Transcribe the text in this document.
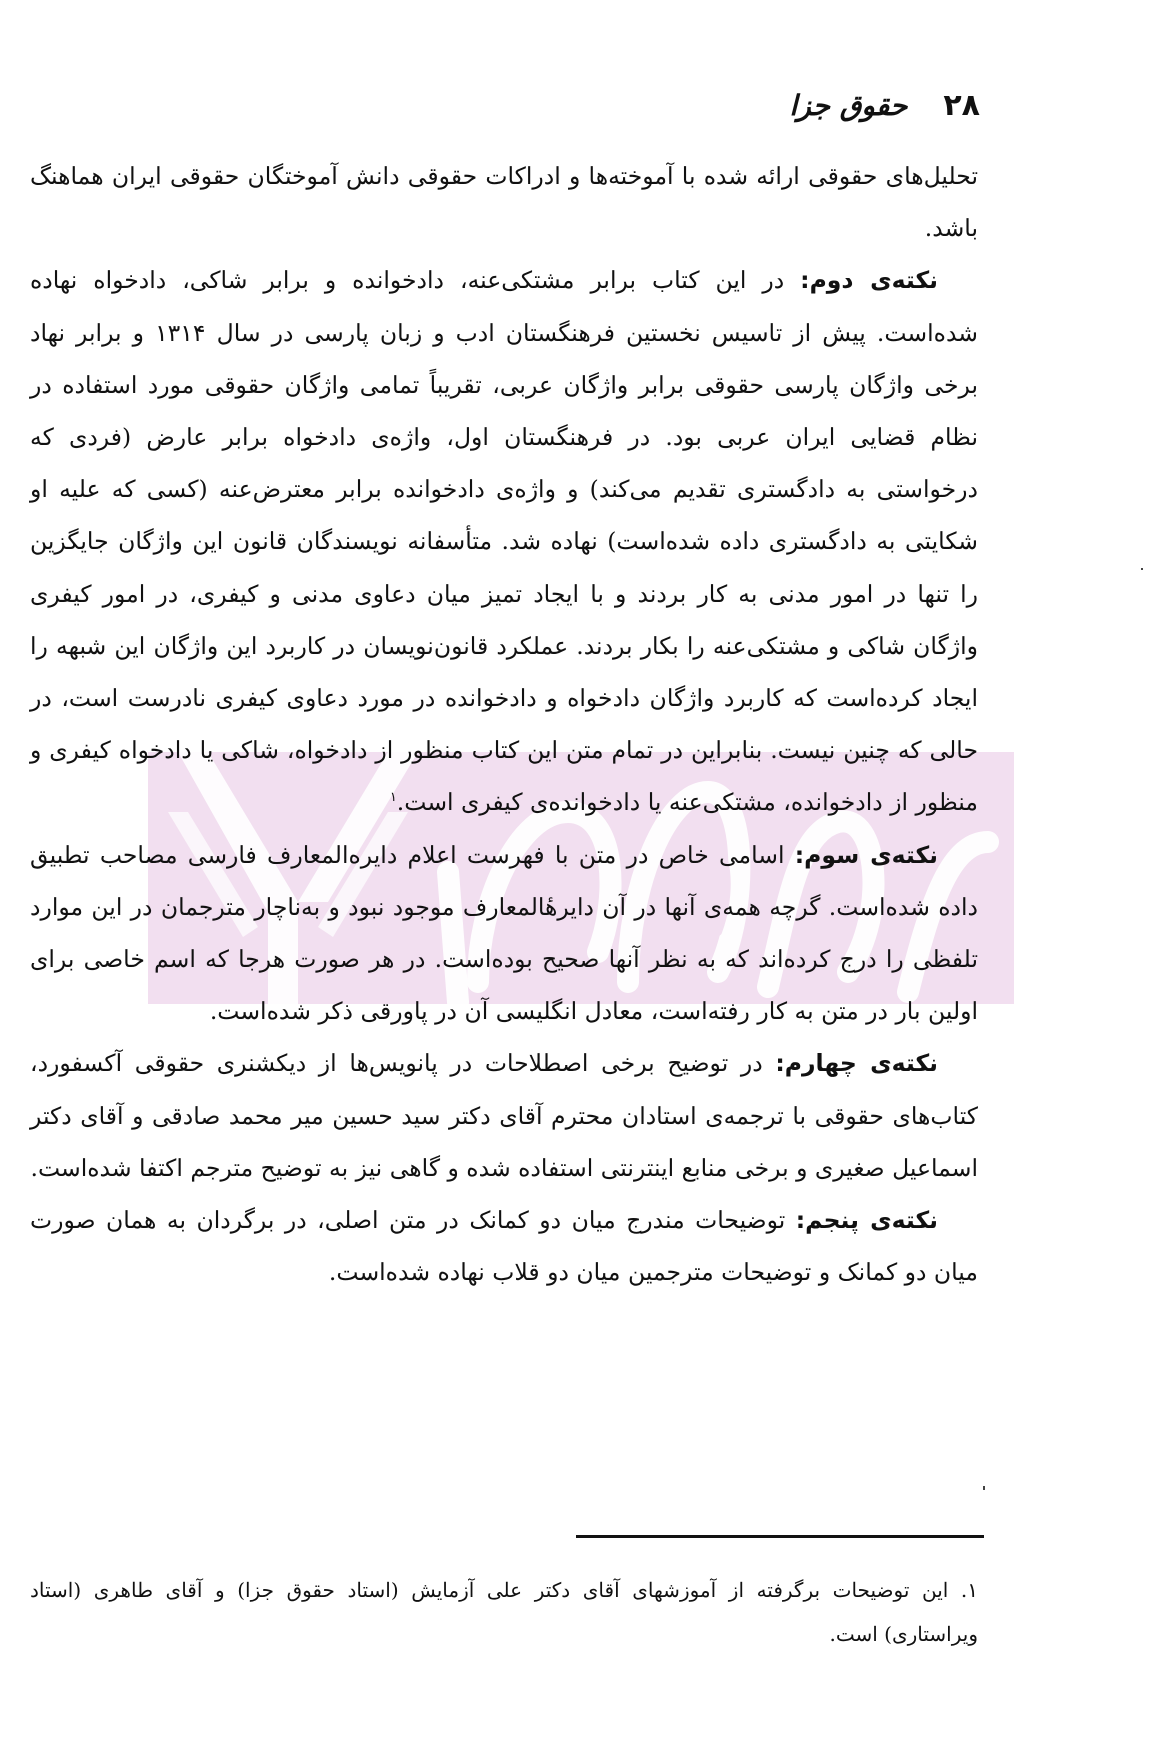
۲۸
حقوق جزا

تحلیل‌های حقوقی ارائه شده با آموخته‌ها و ادراکات حقوقی دانش آموختگان حقوقی ایران هماهنگ باشد.

نکته‌ی دوم: در این کتاب برابر مشتکی‌عنه، دادخوانده و برابر شاکی، دادخواه نهاده شده‌است. پیش از تاسیس نخستین فرهنگستان ادب و زبان پارسی در سال ۱۳۱۴ و برابر نهاد برخی واژگان پارسی حقوقی برابر واژگان عربی، تقریباً تمامی واژگان حقوقی مورد استفاده در نظام قضایی ایران عربی بود. در فرهنگستان اول، واژه‌ی دادخواه برابر عارض (فردی که درخواستی به دادگستری تقدیم می‌کند) و واژه‌ی دادخوانده برابر معترض‌عنه (کسی که علیه او شکایتی به دادگستری داده شده‌است) نهاده شد. متأسفانه نویسندگان قانون این واژگان جایگزین را تنها در امور مدنی به کار بردند و با ایجاد تمیز میان دعاوی مدنی و کیفری، در امور کیفری واژگان شاکی و مشتکی‌عنه را بکار بردند. عملکرد قانون‌نویسان در کاربرد این واژگان این شبهه را ایجاد کرده‌است که کاربرد واژگان دادخواه و دادخوانده در مورد دعاوی کیفری نادرست است، در حالی که چنین نیست. بنابراین در تمام متن این کتاب منظور از دادخواه، شاکی یا دادخواه کیفری و منظور از دادخوانده، مشتکی‌عنه یا دادخوانده‌ی کیفری است.$^۱$

نکته‌ی سوم: اسامی خاص در متن با فهرست اعلام دایره‌المعارف فارسی مصاحب تطبیق داده شده‌است. گرچه همه‌ی آنها در آن دایرهٔالمعارف موجود نبود و به‌ناچار مترجمان در این موارد تلفظی را درج کرده‌اند که به نظر آنها صحیح بوده‌است. در هر صورت هرجا که اسم خاصی برای اولین بار در متن به کار رفته‌است، معادل انگلیسی آن در پاورقی ذکر شده‌است.

نکته‌ی چهارم: در توضیح برخی اصطلاحات در پانویس‌ها از دیکشنری حقوقی آکسفورد، کتاب‌های حقوقی با ترجمه‌ی استادان محترم آقای دکتر سید حسین میر محمد صادقی و آقای دکتر اسماعیل صغیری و برخی منابع اینترنتی استفاده شده و گاهی نیز به توضیح مترجم اکتفا شده‌است.

نکته‌ی پنجم: توضیحات مندرج میان دو کمانک در متن اصلی، در برگردان به همان صورت میان دو کمانک و توضیحات مترجمین میان دو قلاب نهاده شده‌است.

۱. این توضیحات برگرفته از آموزشهای آقای دکتر علی آزمایش (استاد حقوق جزا) و آقای طاهری (استاد ویراستاری) است.
